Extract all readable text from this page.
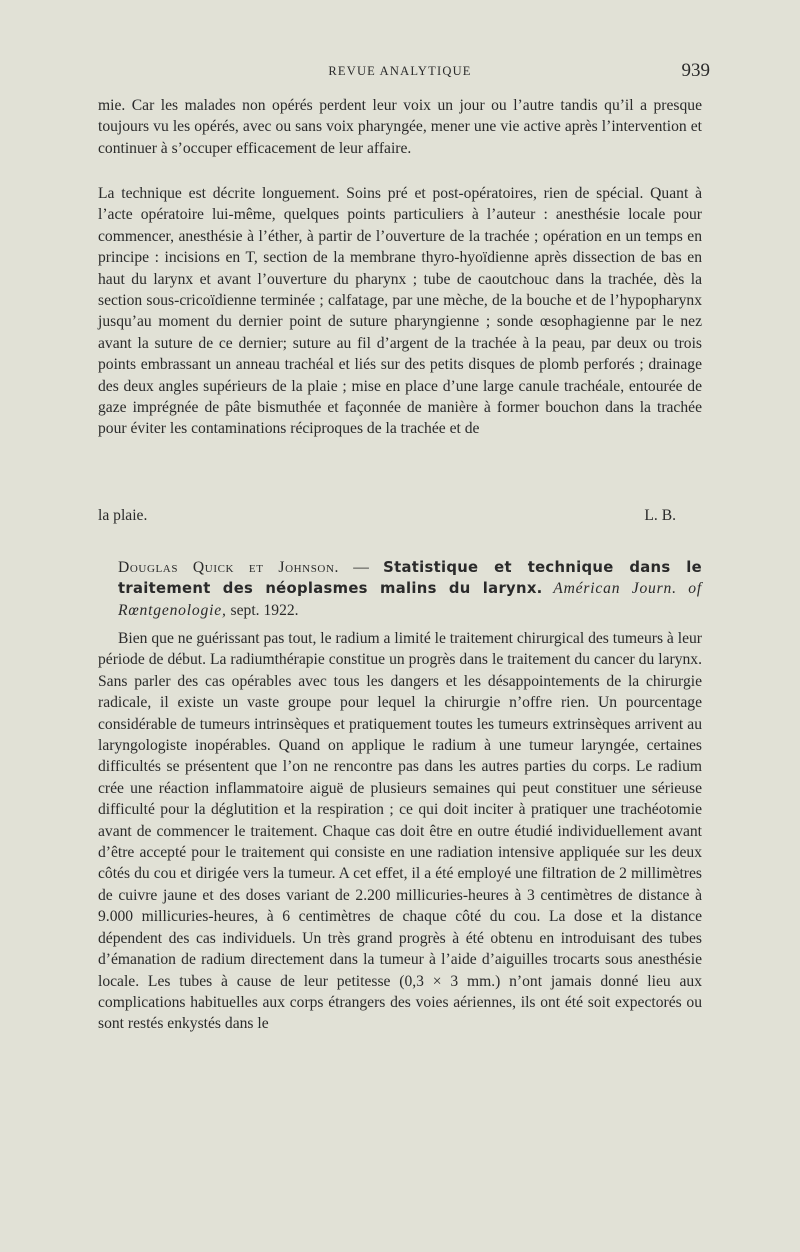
REVUE ANALYTIQUE	939

mie. Car les malades non opérés perdent leur voix un jour ou l’autre tandis qu’il a presque toujours vu les opérés, avec ou sans voix pharyngée, mener une vie active après l’intervention et continuer à s’occuper efficacement de leur affaire.

La technique est décrite longuement. Soins pré et post-opératoires, rien de spécial. Quant à l’acte opératoire lui-même, quelques points particuliers à l’auteur : anesthésie locale pour commencer, anesthésie à l’éther, à partir de l’ouverture de la trachée ; opération en un temps en principe : incisions en T, section de la membrane thyro-hyoïdienne après dissection de bas en haut du larynx et avant l’ouverture du pharynx ; tube de caoutchouc dans la trachée, dès la section sous-cricoïdienne terminée ; calfatage, par une mèche, de la bouche et de l’hypopharynx jusqu’au moment du dernier point de suture pharyngienne ; sonde œsophagienne par le nez avant la suture de ce dernier; suture au fil d’argent de la trachée à la peau, par deux ou trois points embrassant un anneau trachéal et liés sur des petits disques de plomb perforés ; drainage des deux angles supérieurs de la plaie ; mise en place d’une large canule trachéale, entourée de gaze imprégnée de pâte bismuthée et façonnée de manière à former bouchon dans la trachée pour éviter les contaminations réciproques de la trachée et de

la plaie.	L. B.

Douglas Quick et Johnson. — Statistique et technique dans le traitement des néoplasmes malins du larynx. Américan Journ. of Rœntgenologie, sept. 1922.

Bien que ne guérissant pas tout, le radium a limité le traitement chirurgical des tumeurs à leur période de début. La radiumthérapie constitue un progrès dans le traitement du cancer du larynx. Sans parler des cas opérables avec tous les dangers et les désappointements de la chirurgie radicale, il existe un vaste groupe pour lequel la chirurgie n’offre rien. Un pourcentage considérable de tumeurs intrinsèques et pratiquement toutes les tumeurs extrinsèques arrivent au laryngologiste inopérables. Quand on applique le radium à une tumeur laryngée, certaines difficultés se présentent que l’on ne rencontre pas dans les autres parties du corps. Le radium crée une réaction inflammatoire aiguë de plusieurs semaines qui peut constituer une sérieuse difficulté pour la déglutition et la respiration ; ce qui doit inciter à pratiquer une trachéotomie avant de commencer le traitement. Chaque cas doit être en outre étudié individuellement avant d’être accepté pour le traitement qui consiste en une radiation intensive appliquée sur les deux côtés du cou et dirigée vers la tumeur. A cet effet, il a été employé une filtration de 2 millimètres de cuivre jaune et des doses variant de 2.200 millicuries-heures à 3 centimètres de distance à 9.000 millicuries-heures, à 6 centimètres de chaque côté du cou. La dose et la distance dépendent des cas individuels. Un très grand progrès à été obtenu en introduisant des tubes d’émanation de radium directement dans la tumeur à l’aide d’aiguilles trocarts sous anesthésie locale. Les tubes à cause de leur petitesse (0,3 × 3 mm.) n’ont jamais donné lieu aux complications habituelles aux corps étrangers des voies aériennes, ils ont été soit expectorés ou sont restés enkystés dans le
